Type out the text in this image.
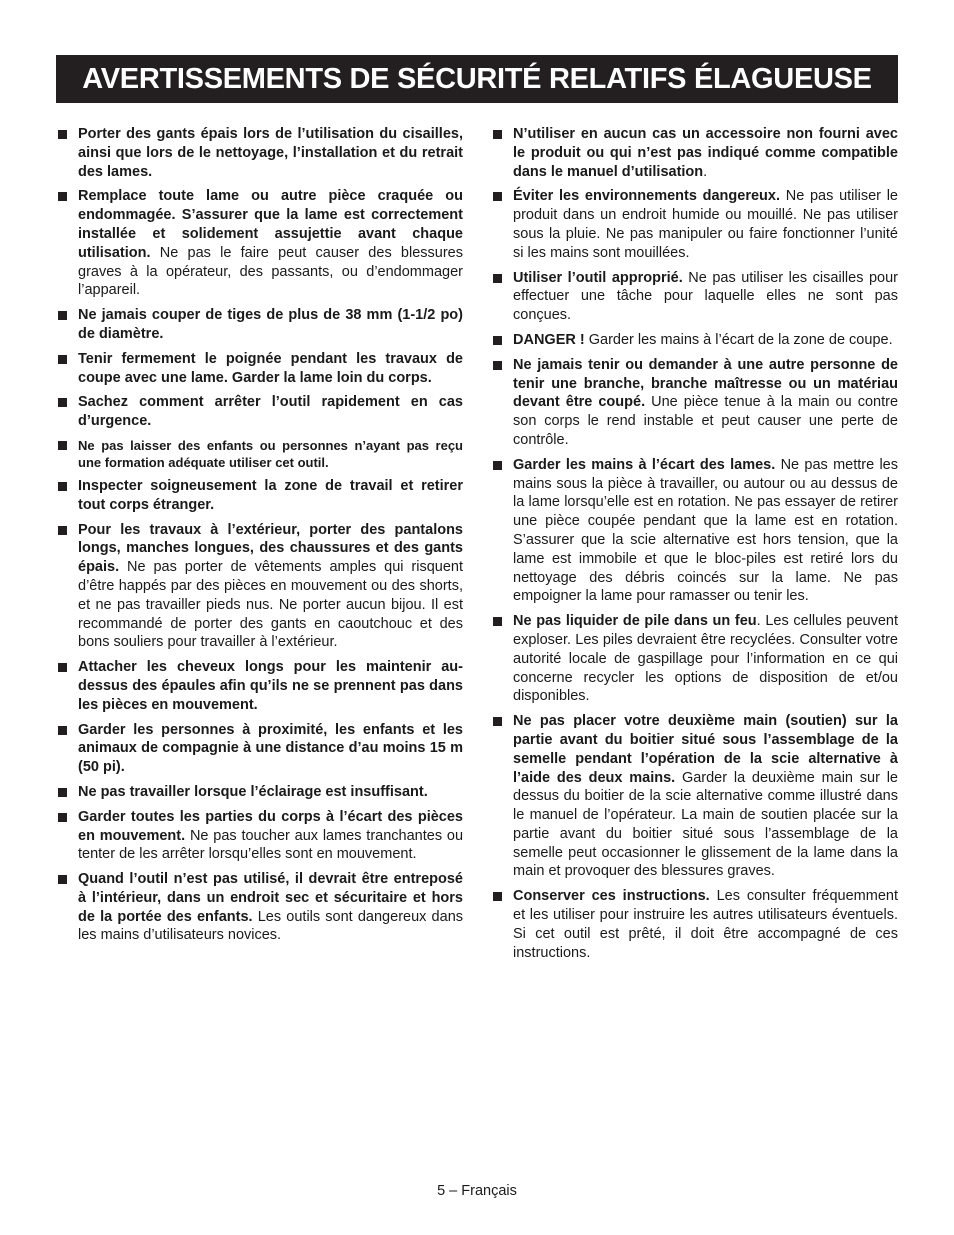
AVERTISSEMENTS DE SÉCURITÉ RELATIFS ÉLAGUEUSE
Porter des gants épais lors de l’utilisation du cisailles, ainsi que lors de le nettoyage, l’installation et du retrait des lames.
Remplace toute lame ou autre pièce craquée ou endommagée. S’assurer que la lame est correctement installée et solidement assujettie avant chaque utilisation. Ne pas le faire peut causer des blessures graves à la opérateur, des passants, ou d’endommager l’appareil.
Ne jamais couper de tiges de plus de 38 mm (1-1/2 po) de diamètre.
Tenir fermement le poignée pendant les travaux de coupe avec une lame. Garder la lame loin du corps.
Sachez comment arrêter l’outil rapidement en cas d’urgence.
Ne pas laisser des enfants ou personnes n’ayant pas reçu une formation adéquate utiliser cet outil.
Inspecter soigneusement la zone de travail et retirer tout corps étranger.
Pour les travaux à l’extérieur, porter des pantalons longs, manches longues, des chaussures et des gants épais. Ne pas porter de vêtements amples qui risquent d’être happés par des pièces en mouvement ou des shorts, et ne pas travailler pieds nus. Ne porter aucun bijou. Il est recommandé de porter des gants en caoutchouc et des bons souliers pour travailler à l’extérieur.
Attacher les cheveux longs pour les maintenir au-dessus des épaules afin qu’ils ne se prennent pas dans les pièces en mouvement.
Garder les personnes à proximité, les enfants et les animaux de compagnie à une distance d’au moins 15 m (50 pi).
Ne pas travailler lorsque l’éclairage est insuffisant.
Garder toutes les parties du corps à l’écart des pièces en mouvement. Ne pas toucher aux lames tranchantes ou tenter de les arrêter lorsqu’elles sont en mouvement.
Quand l’outil n’est pas utilisé, il devrait être entreposé à l’intérieur, dans un endroit sec et sécuritaire et hors de la portée des enfants. Les outils sont dangereux dans les mains d’utilisateurs novices.
N’utiliser en aucun cas un accessoire non fourni avec le produit ou qui n’est pas indiqué comme compatible dans le manuel d’utilisation.
Éviter les environnements dangereux. Ne pas utiliser le produit dans un endroit humide ou mouillé. Ne pas utiliser sous la pluie. Ne pas manipuler ou faire fonctionner l’unité si les mains sont mouillées.
Utiliser l’outil approprié. Ne pas utiliser les cisailles pour effectuer une tâche pour laquelle elles ne sont pas conçues.
DANGER ! Garder les mains à l’écart de la zone de coupe.
Ne jamais tenir ou demander à une autre personne de tenir une branche, branche maîtresse ou un matériau devant être coupé. Une pièce tenue à la main ou contre son corps le rend instable et peut causer une perte de contrôle.
Garder les mains à l’écart des lames. Ne pas mettre les mains sous la pièce à travailler, ou autour ou au dessus de la lame lorsqu’elle est en rotation. Ne pas essayer de retirer une pièce coupée pendant que la lame est en rotation. S’assurer que la scie alternative est hors tension, que la lame est immobile et que le bloc-piles est retiré lors du nettoyage des débris coincés sur la lame. Ne pas empoigner la lame pour ramasser ou tenir les.
Ne pas liquider de pile dans un feu. Les cellules peuvent exploser. Les piles devraient être recyclées. Consulter votre autorité locale de gaspillage pour l’information en ce qui concerne recycler les options de disposition de et/ou disponibles.
Ne pas placer votre deuxième main (soutien) sur la partie avant du boitier situé sous l’assemblage de la semelle pendant l’opération de la scie alternative à l’aide des deux mains. Garder la deuxième main sur le dessus du boitier de la scie alternative comme illustré dans le manuel de l’opérateur. La main de soutien placée sur la partie avant du boitier situé sous l’assemblage de la semelle peut occasionner le glissement de la lame dans la main et provoquer des blessures graves.
Conserver ces instructions. Les consulter fréquemment et les utiliser pour instruire les autres utilisateurs éventuels. Si cet outil est prêté, il doit être accompagné de ces instructions.
5 – Français
